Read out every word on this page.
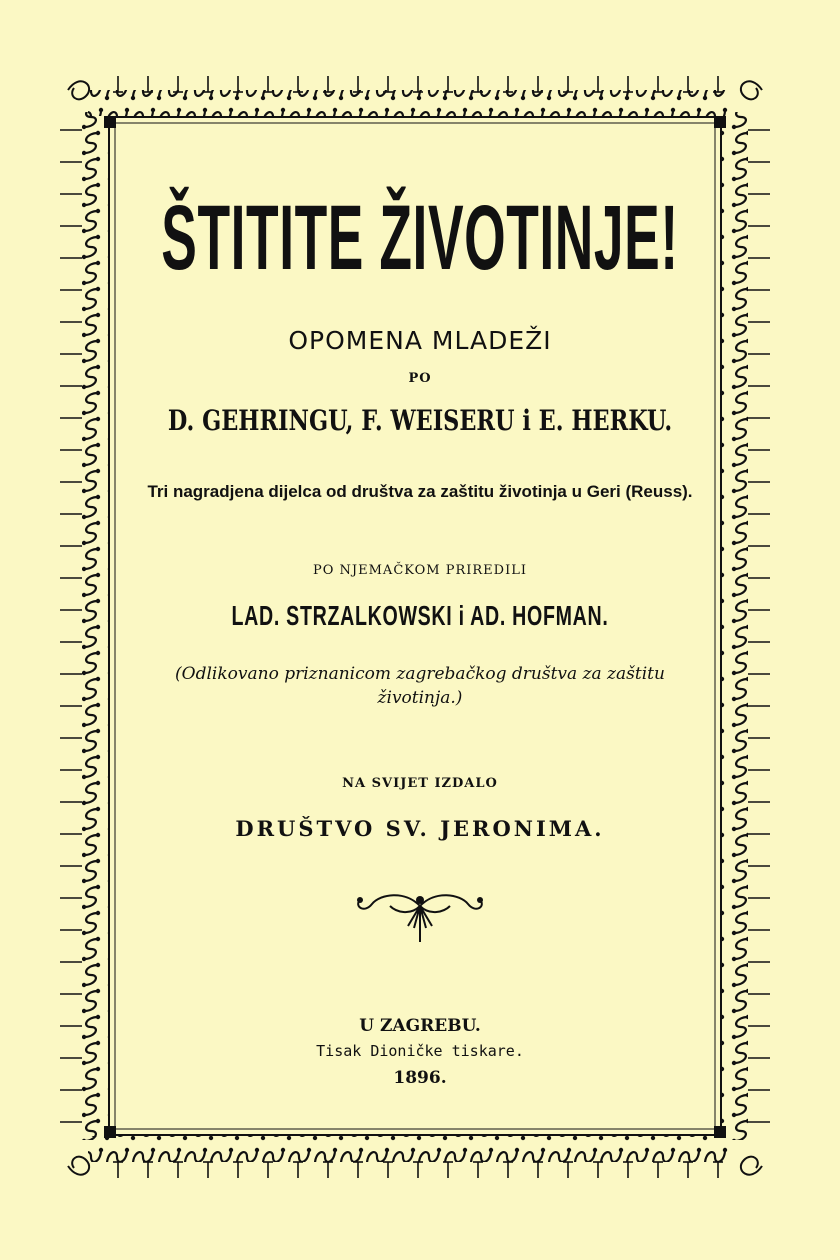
ŠTITITE ŽIVOTINJE!
OPOMENA MLADEŽI
PO
D. GEHRINGU, F. WEISERU i E. HERKU.
Tri nagradjena dijelca od društva za zaštitu životinja u Geri (Reuss).
PO NJEMAČKOM PRIREDILI
LAD. STRZALKOWSKI i AD. HOFMAN.
(Odlikovano priznanicom zagrebačkog društva za zaštitu životinja.)
NA SVIJET IZDALO
DRUŠTVO SV. JERONIMA.
U ZAGREBU.
Tisak Dioničke tiskare.
1896.
